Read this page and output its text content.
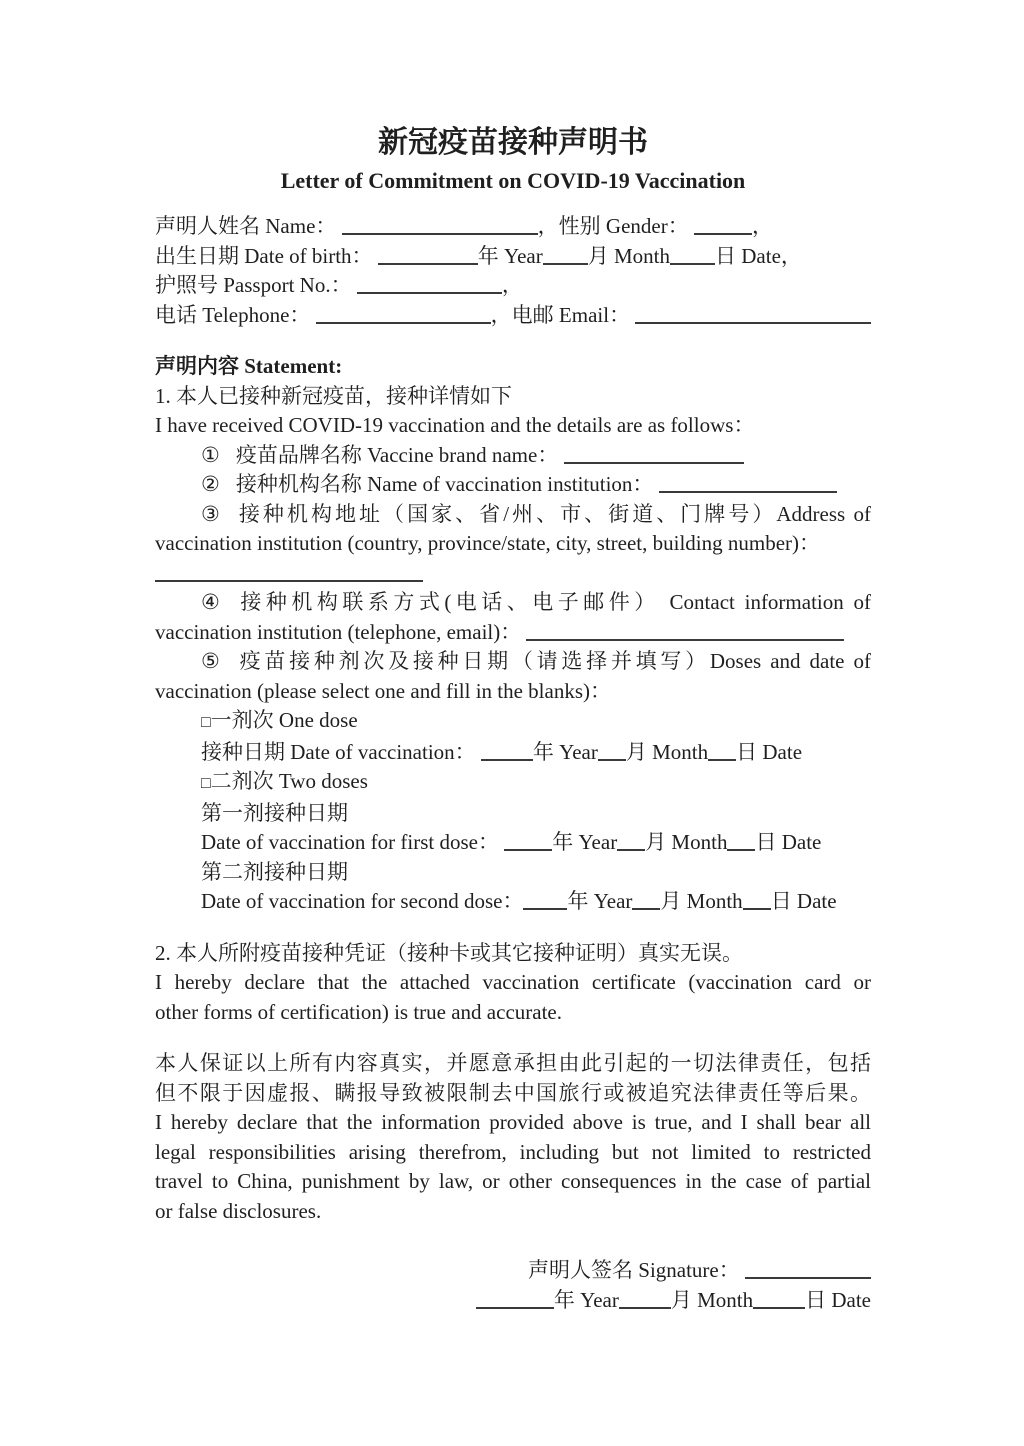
新冠疫苗接种声明书
Letter of Commitment on COVID-19 Vaccination
声明人姓名 Name：	，性别 Gender：	，
出生日期 Date of birth：	年 Year 月 Month 日 Date，
护照号 Passport No.：	，
电话 Telephone：	，电邮 Email：
声明内容 Statement:
1. 本人已接种新冠疫苗，接种详情如下
I have received COVID-19 vaccination and the details are as follows：
① 疫苗品牌名称 Vaccine brand name：
② 接种机构名称 Name of vaccination institution：
③ 接种机构地址（国家、省/州、市、街道、门牌号）Address of
vaccination institution (country, province/state, city, street, building number)：
④ 接种机构联系方式(电话、电子邮件） Contact information of
vaccination institution (telephone, email)：
⑤ 疫苗接种剂次及接种日期（请选择并填写）Doses and date of
vaccination (please select one and fill in the blanks)：
□一剂次 One dose
接种日期 Date of vaccination：	年 Year 月 Month 日 Date
□二剂次 Two doses
第一剂接种日期
Date of vaccination for first dose：	年 Year 月 Month 日 Date
第二剂接种日期
Date of vaccination for second dose： 年 Year 月 Month 日 Date
2. 本人所附疫苗接种凭证（接种卡或其它接种证明）真实无误。
I hereby declare that the attached vaccination certificate (vaccination card or
other forms of certification) is true and accurate.
本人保证以上所有内容真实，并愿意承担由此引起的一切法律责任，包括
但不限于因虚报、瞒报导致被限制去中国旅行或被追究法律责任等后果。
I hereby declare that the information provided above is true, and I shall bear all
legal responsibilities arising therefrom, including but not limited to restricted
travel to China, punishment by law, or other consequences in the case of partial
or false disclosures.
声明人签名 Signature：
年 Year 月 Month 日 Date
